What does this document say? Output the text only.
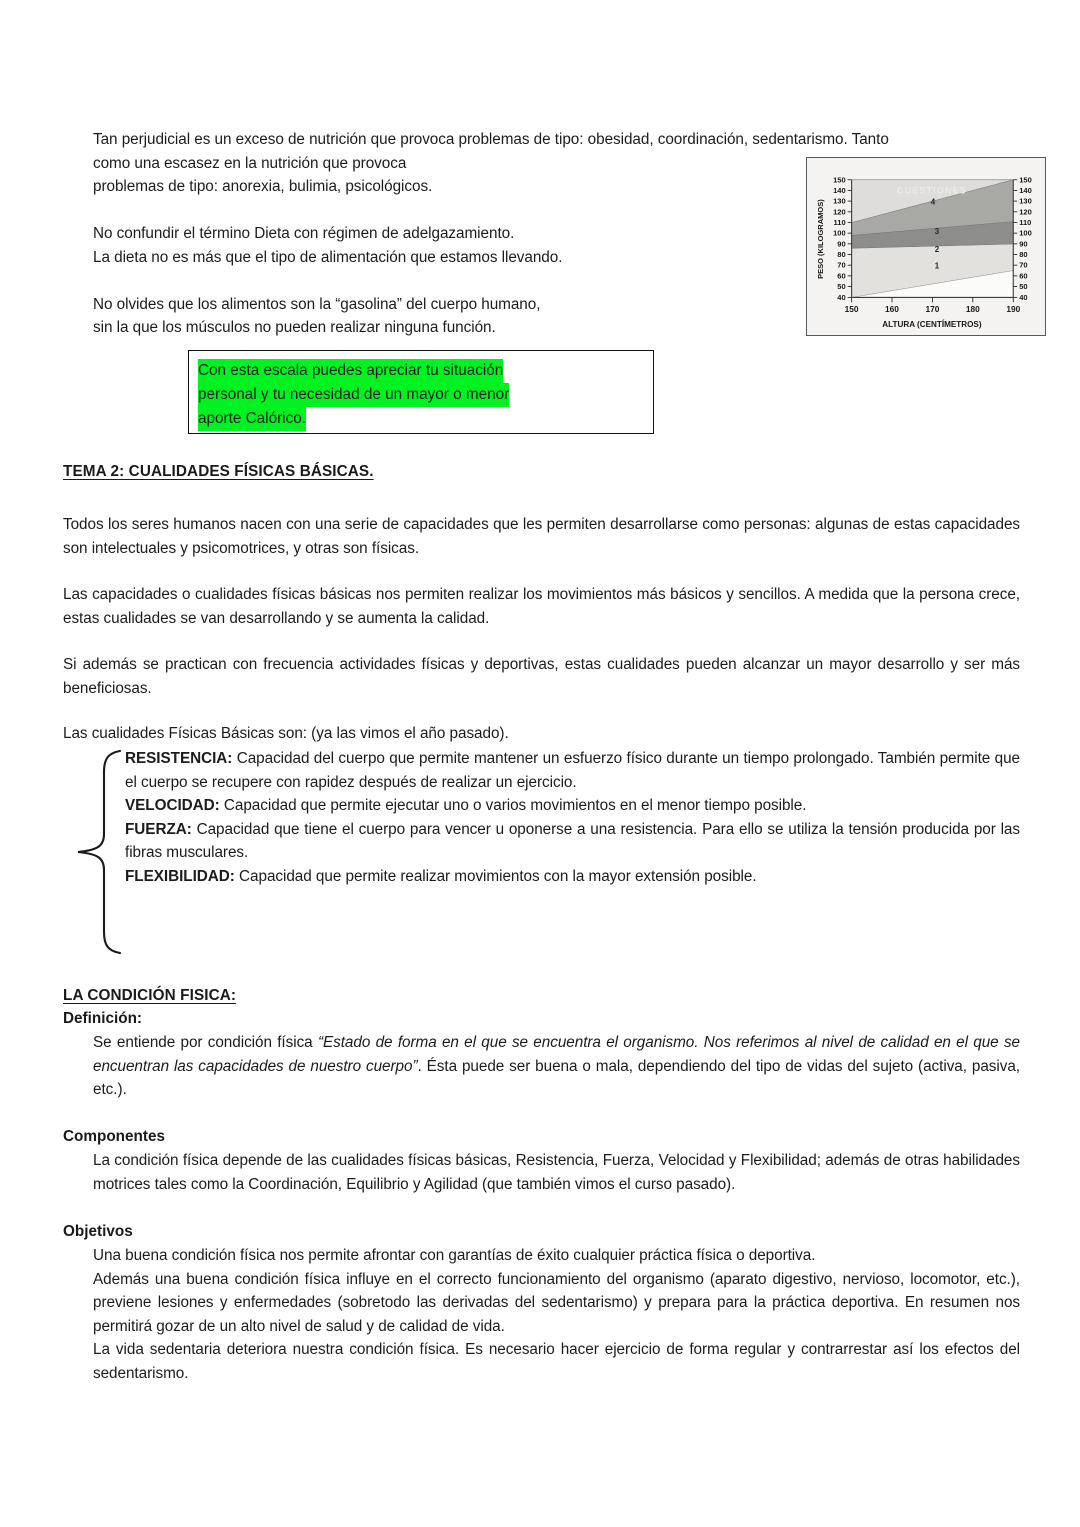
Tan perjudicial es un exceso de nutrición que provoca problemas de tipo: obesidad, coordinación, sedentarismo. Tanto

como una escasez en la nutrición que provoca

problemas de tipo: anorexia, bulimia, psicológicos.

No confundir el término Dieta con régimen de adelgazamiento.

La dieta no es más que el tipo de alimentación que estamos llevando.

No olvides que los alimentos son la “gasolina” del cuerpo humano,

sin la que los músculos no pueden realizar ninguna función.

CUESTIONES
150	150
140	140
130	130
120	120
110	110
100	100
90	90
80	80
70	70
60	60
50	50
40	40
150	160	170	180	190
1
2
3
4
PESO (KILOGRAMOS)
ALTURA (CENTÍMETROS)
Con esta escala puedes apreciar tu situación
personal y tu necesidad de un mayor o menor
aporte Calórico.
TEMA 2: CUALIDADES FÍSICAS BÁSICAS.
Todos los seres humanos nacen con una serie de capacidades que les permiten desarrollarse como personas: algunas de estas capacidades son intelectuales y psicomotrices, y otras son físicas.
Las capacidades o cualidades físicas básicas nos permiten realizar los movimientos más básicos y sencillos. A medida que la persona crece, estas cualidades se van desarrollando y se aumenta la calidad.
Si además se practican con frecuencia actividades físicas y deportivas, estas cualidades pueden alcanzar un mayor desarrollo y ser más beneficiosas.
Las cualidades Físicas Básicas son: (ya las vimos el año pasado).

RESISTENCIA: Capacidad del cuerpo que permite mantener un esfuerzo físico durante un tiempo prolongado. También permite que el cuerpo se recupere con rapidez después de realizar un ejercicio.

VELOCIDAD: Capacidad que permite ejecutar uno o varios movimientos en el menor tiempo posible.

FUERZA: Capacidad que tiene el cuerpo para vencer u oponerse a una resistencia. Para ello se utiliza la tensión producida por las fibras musculares.

FLEXIBILIDAD: Capacidad que permite realizar movimientos con la mayor extensión posible.

LA CONDICIÓN FISICA:
Definición:
Se entiende por condición física “Estado de forma en el que se encuentra el organismo. Nos referimos al nivel de calidad en el que se encuentran las capacidades de nuestro cuerpo”. Ésta puede ser buena o mala, dependiendo del tipo de vidas del sujeto (activa, pasiva, etc.).
Componentes
La condición física depende de las cualidades físicas básicas, Resistencia, Fuerza, Velocidad y Flexibilidad; además de otras habilidades motrices tales como la Coordinación, Equilibrio y Agilidad (que también vimos el curso pasado).
Objetivos

Una buena condición física nos permite afrontar con garantías de éxito cualquier práctica física o deportiva.

Además una buena condición física influye en el correcto funcionamiento del organismo (aparato digestivo, nervioso, locomotor, etc.), previene lesiones y enfermedades (sobretodo las derivadas del sedentarismo) y prepara para la práctica deportiva. En resumen nos permitirá gozar de un alto nivel de salud y de calidad de vida.

La vida sedentaria deteriora nuestra condición física. Es necesario hacer ejercicio de forma regular y contrarrestar así los efectos del sedentarismo.
